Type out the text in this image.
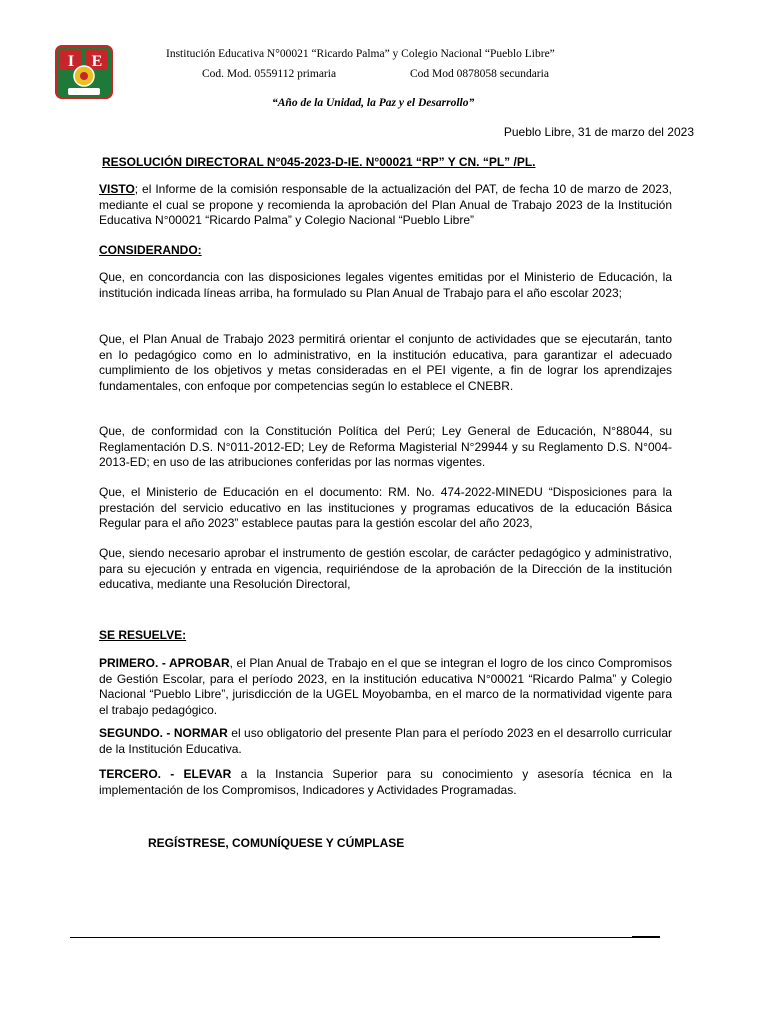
I E	Institución Educativa N°00021 “Ricardo Palma” y Colegio Nacional “Pueblo Libre”
Cod. Mod. 0559112 primaria	Cod Mod 0878058 secundaria
“Año de la Unidad, la Paz y el Desarrollo”
Pueblo Libre, 31 de marzo del 2023
RESOLUCIÓN DIRECTORAL N°045-2023-D-IE. N°00021 “RP” Y CN. “PL” /PL.

VISTO; el Informe de la comisión responsable de la actualización del PAT, de fecha 10 de marzo de 2023, mediante el cual se propone y recomienda la aprobación del Plan Anual de Trabajo 2023 de la Institución Educativa N°00021 “Ricardo Palma” y Colegio Nacional “Pueblo Libre”

CONSIDERANDO:

Que, en concordancia con las disposiciones legales vigentes emitidas por el Ministerio de Educación, la institución indicada líneas arriba, ha formulado su Plan Anual de Trabajo para el año escolar 2023;

Que, el Plan Anual de Trabajo 2023 permitirá orientar el conjunto de actividades que se ejecutarán, tanto en lo pedagógico como en lo administrativo, en la institución educativa, para garantizar el adecuado cumplimiento de los objetivos y metas consideradas en el PEI vigente, a fin de lograr los aprendizajes fundamentales, con enfoque por competencias según lo establece el CNEBR.

Que, de conformidad con la Constitución Política del Perú; Ley General de Educación, N°88044, su Reglamentación D.S. N°011-2012-ED; Ley de Reforma Magisterial N°29944 y su Reglamento D.S. N°004-2013-ED; en uso de las atribuciones conferidas por las normas vigentes.

Que, el Ministerio de Educación en el documento: RM. No. 474-2022-MINEDU “Disposiciones para la prestación del servicio educativo en las instituciones y programas educativos de la educación Básica Regular para el año 2023” establece pautas para la gestión escolar del año 2023,

Que, siendo necesario aprobar el instrumento de gestión escolar, de carácter pedagógico y administrativo, para su ejecución y entrada en vigencia, requiriéndose de la aprobación de la Dirección de la institución educativa, mediante una Resolución Directoral,

SE RESUELVE:

PRIMERO. - APROBAR, el Plan Anual de Trabajo en el que se integran el logro de los cinco Compromisos de Gestión Escolar, para el período 2023, en la institución educativa N°00021 “Ricardo Palma” y Colegio Nacional “Pueblo Libre”, jurisdicción de la UGEL Moyobamba, en el marco de la normatividad vigente para el trabajo pedagógico.

SEGUNDO. - NORMAR el uso obligatorio del presente Plan para el período 2023 en el desarrollo curricular de la Institución Educativa.

TERCERO. - ELEVAR a la Instancia Superior para su conocimiento y asesoría técnica en la implementación de los Compromisos, Indicadores y Actividades Programadas.

REGÍSTRESE, COMUNÍQUESE Y CÚMPLASE
